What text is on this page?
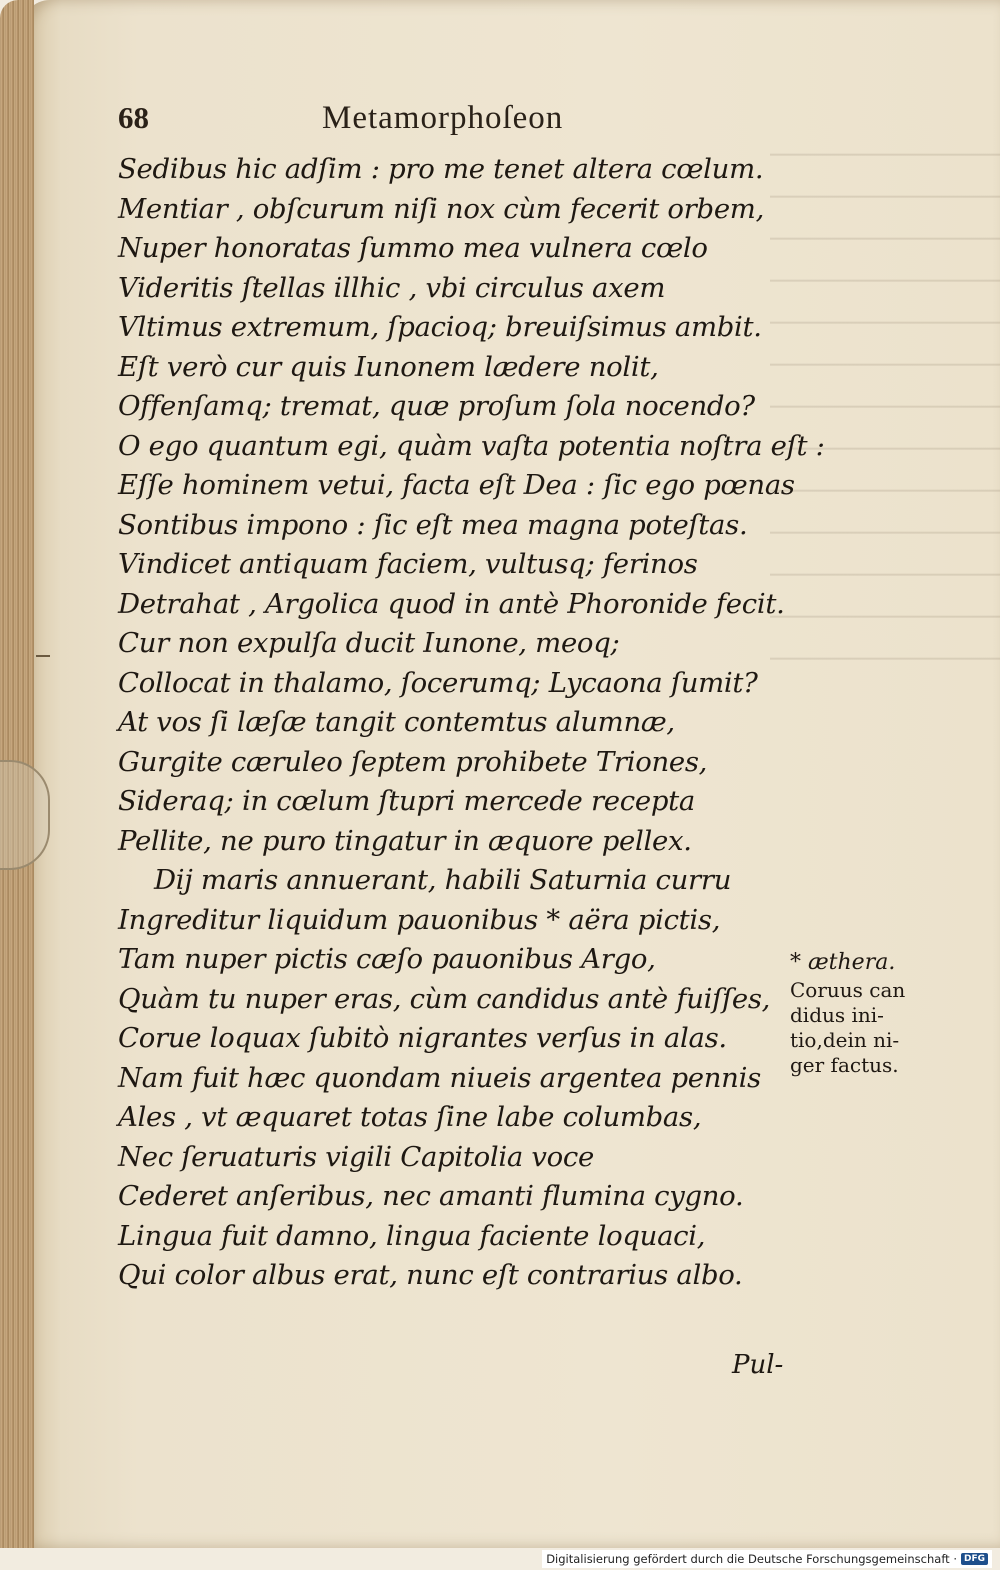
68	Metamorphoſeon
Sedibus hic adſim : pro me tenet altera cœlum.
Mentiar , obſcurum niſi nox cùm fecerit orbem,
Nuper honoratas ſummo mea vulnera cœlo
Videritis ſtellas illhic , vbi circulus axem
Vltimus extremum, ſpacioq; breuiſsimus ambit.
Eſt verò cur quis Iunonem lædere nolit,
Offenſamq; tremat, quæ proſum ſola nocendo?
O ego quantum egi, quàm vaſta potentia noſtra eſt :
Eſſe hominem vetui, facta eſt Dea : ſic ego pœnas
Sontibus impono : ſic eſt mea magna poteſtas.
Vindicet antiquam faciem, vultusq; ferinos
Detrahat , Argolica quod in antè Phoronide fecit.
Cur non expulſa ducit Iunone, meoq;
Collocat in thalamo, ſocerumq; Lycaona ſumit?
At vos ſi læſæ tangit contemtus alumnæ,
Gurgite cæruleo ſeptem prohibete Triones,
Sideraq; in cœlum ſtupri mercede recepta
Pellite, ne puro tingatur in æquore pellex.
Dij maris annuerant, habili Saturnia curru
Ingreditur liquidum pauonibus * aëra pictis,
Tam nuper pictis cæſo pauonibus Argo,
Quàm tu nuper eras, cùm candidus antè fuiſſes,
Corue loquax ſubitò nigrantes verſus in alas.
Nam fuit hæc quondam niueis argentea pennis
Ales , vt æquaret totas ſine labe columbas,
Nec ſeruaturis vigili Capitolia voce
Cederet anſeribus, nec amanti flumina cygno.
Lingua fuit damno, lingua faciente loquaci,
Qui color albus erat, nunc eſt contrarius albo.
* æthera.
Coruus can
didus ini-
tio,dein ni-
ger factus.
Pul-
Digitalisierung gefördert durch die Deutsche Forschungsgemeinschaft · DFG
